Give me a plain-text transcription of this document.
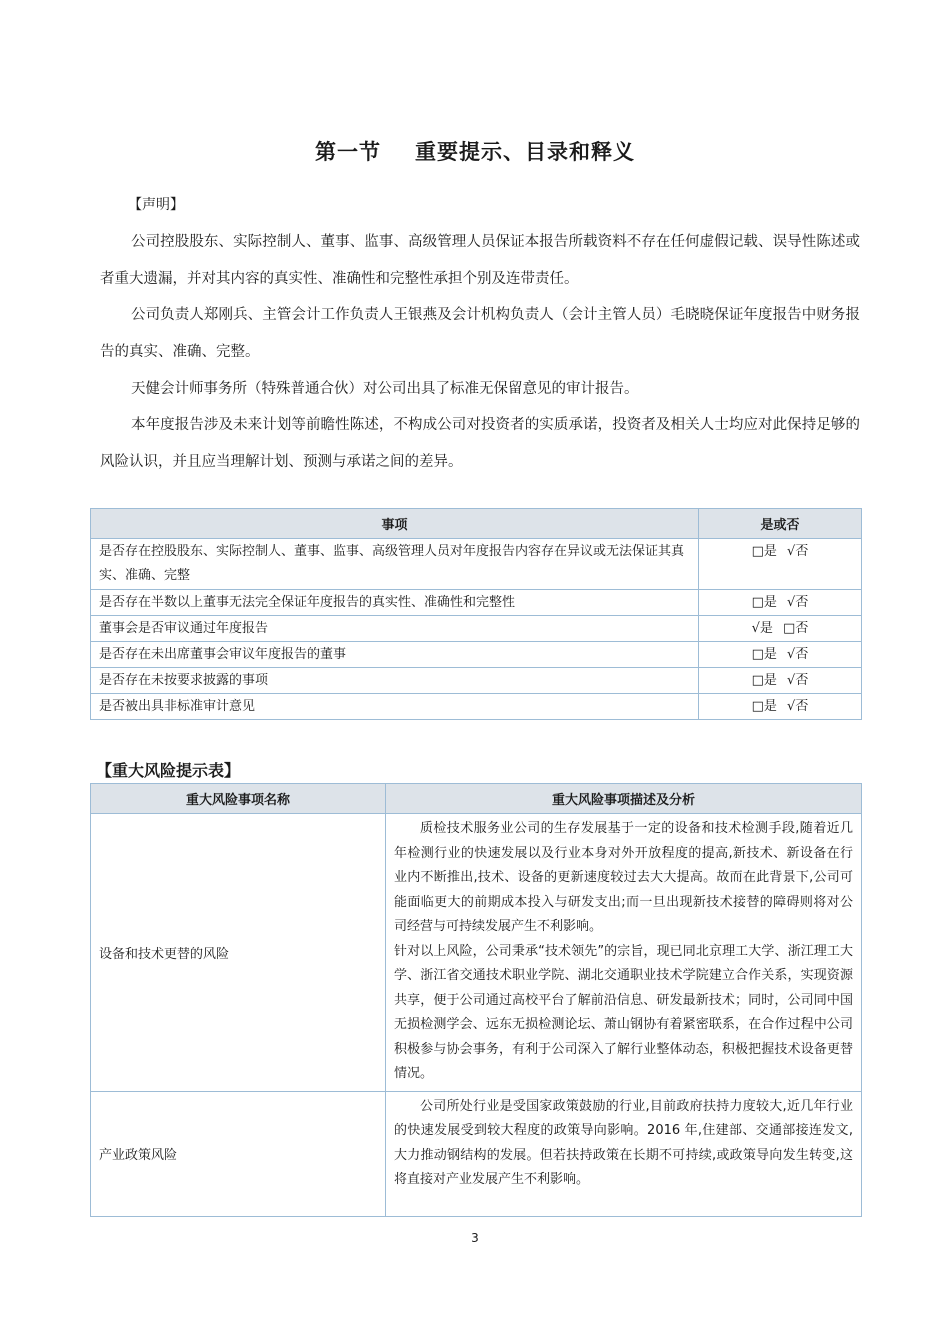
第一节 重要提示、目录和释义
【声明】
公司控股股东、实际控制人、董事、监事、高级管理人员保证本报告所载资料不存在任何虚假记载、误导性陈述或者重大遗漏，并对其内容的真实性、准确性和完整性承担个别及连带责任。
公司负责人郑刚兵、主管会计工作负责人王银燕及会计机构负责人（会计主管人员）毛晓晓保证年度报告中财务报告的真实、准确、完整。
天健会计师事务所（特殊普通合伙）对公司出具了标准无保留意见的审计报告。
本年度报告涉及未来计划等前瞻性陈述，不构成公司对投资者的实质承诺，投资者及相关人士均应对此保持足够的风险认识，并且应当理解计划、预测与承诺之间的差异。
事项	是或否
是否存在控股股东、实际控制人、董事、监事、高级管理人员对年度报告内容存在异议或无法保证其真实、准确、完整	□是 √否
是否存在半数以上董事无法完全保证年度报告的真实性、准确性和完整性	□是 √否
董事会是否审议通过年度报告	√是 □否
是否存在未出席董事会审议年度报告的董事	□是 √否
是否存在未按要求披露的事项	□是 √否
是否被出具非标准审计意见	□是 √否
【重大风险提示表】
重大风险事项名称	重大风险事项描述及分析
设备和技术更替的风险	质检技术服务业公司的生存发展基于一定的设备和技术检测手段,随着近几年检测行业的快速发展以及行业本身对外开放程度的提高,新技术、新设备在行业内不断推出,技术、设备的更新速度较过去大大提高。故而在此背景下,公司可能面临更大的前期成本投入与研发支出;而一旦出现新技术接替的障碍则将对公司经营与可持续发展产生不利影响。

针对以上风险，公司秉承“技术领先”的宗旨，现已同北京理工大学、浙江理工大学、浙江省交通技术职业学院、湖北交通职业技术学院建立合作关系，实现资源共享，便于公司通过高校平台了解前沿信息、研发最新技术；同时，公司同中国无损检测学会、远东无损检测论坛、萧山钢协有着紧密联系，在合作过程中公司积极参与协会事务，有利于公司深入了解行业整体动态，积极把握技术设备更替情况。

产业政策风险	公司所处行业是受国家政策鼓励的行业,目前政府扶持力度较大,近几年行业的快速发展受到较大程度的政策导向影响。2016 年,住建部、交通部接连发文,大力推动钢结构的发展。但若扶持政策在长期不可持续,或政策导向发生转变,这将直接对产业发展产生不利影响。

3
